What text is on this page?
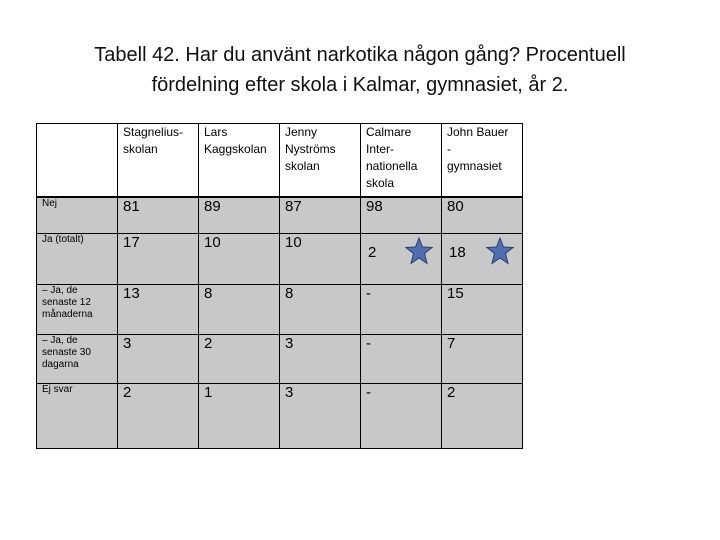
Tabell 42. Har du använt narkotika någon gång? Procentuell
fördelning efter skola i Kalmar, gymnasiet, år 2.
	Stagnelius-
skolan	Lars
Kaggskolan	Jenny
Nyströms
skolan	Calmare
Inter-
nationella
skola	John Bauer
-
gymnasiet
Nej	81	89	87	98	80
Ja (totalt)	17	10	10	2	18

– Ja, de
senaste 12
månaderna	13	8	8	-	15
– Ja, de
senaste 30
dagarna	3	2	3	-	7
Ej svar	2	1	3	-	2
